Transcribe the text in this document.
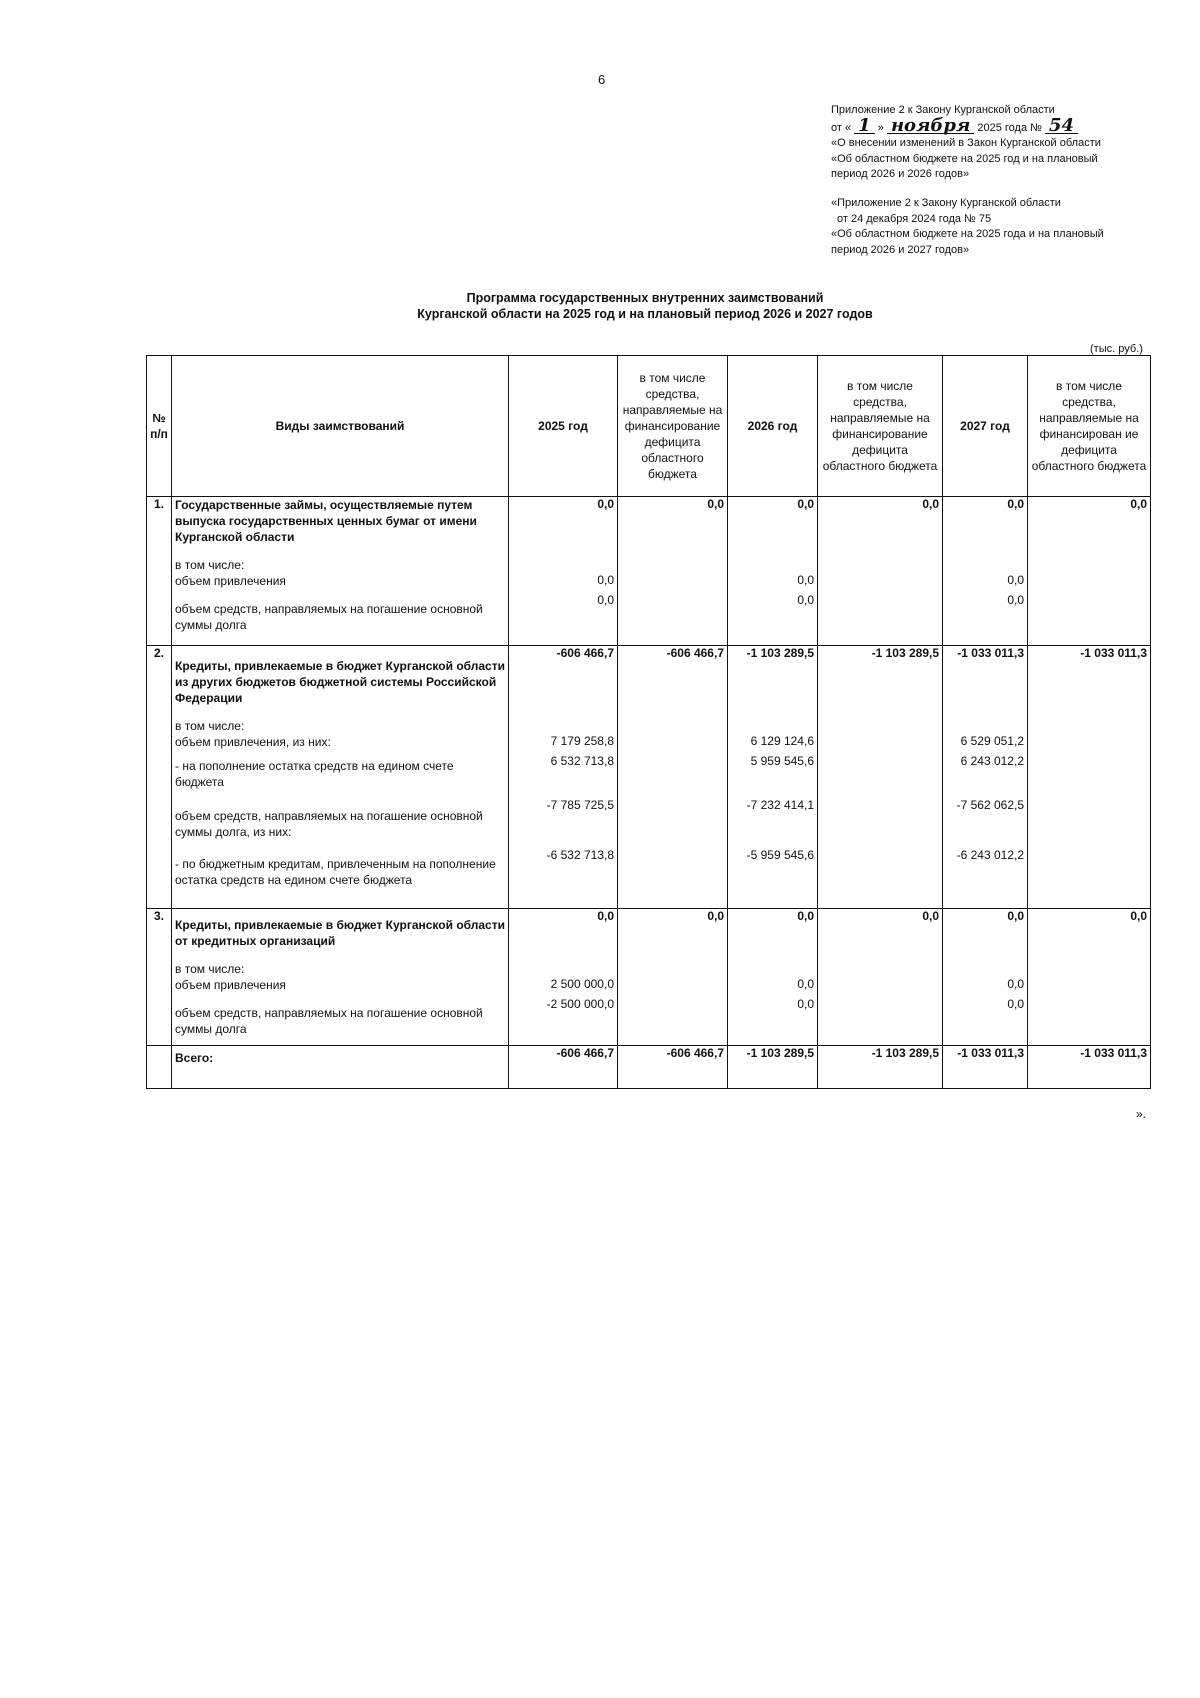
6
Приложение 2 к Закону Курганской области
от « 1 » ноября 2025 года № 54
«О внесении изменений в Закон Курганской области
«Об областном бюджете на 2025 год и на плановый
период 2026 и 2026 годов»
«Приложение 2 к Закону Курганской области
от 24 декабря 2024 года № 75
«Об областном бюджете на 2025 года и на плановый
период 2026 и 2027 годов»
Программа государственных внутренних заимствований
Курганской области на 2025 год и на плановый период 2026 и 2027 годов
(тыс. руб.)
№ п/п	Виды заимствований	2025 год	в том числе средства, направляемые на финансирование дефицита областного бюджета	2026 год	в том числе средства, направляемые на финансирование дефицита областного бюджета	2027 год	в том числе средства, направляемые на финансирован ие дефицита областного бюджета
1.	Государственные займы, осуществляемые путем выпуска государственных ценных бумаг от имени Курганской области	0,0	0,0	0,0	0,0	0,0	0,0
	в том числе:						
	объем привлечения	0,0		0,0		0,0	
	объем средств, направляемых на погашение основной суммы долга	0,0		0,0		0,0	
2.	Кредиты, привлекаемые в бюджет Курганской области из других бюджетов бюджетной системы Российской Федерации	-606 466,7	-606 466,7	-1 103 289,5	-1 103 289,5	-1 033 011,3	-1 033 011,3
	в том числе:						
	объем привлечения, из них:	7 179 258,8		6 129 124,6		6 529 051,2	
	- на пополнение остатка средств на едином счете бюджета	6 532 713,8		5 959 545,6		6 243 012,2	
	объем средств, направляемых на погашение основной суммы долга, из них:	-7 785 725,5		-7 232 414,1		-7 562 062,5	
	- по бюджетным кредитам, привлеченным на пополнение остатка средств на едином счете бюджета	-6 532 713,8		-5 959 545,6		-6 243 012,2	
3.	Кредиты, привлекаемые в бюджет Курганской области от кредитных организаций	0,0	0,0	0,0	0,0	0,0	0,0
	в том числе:						
	объем привлечения	2 500 000,0		0,0		0,0	
	объем средств, направляемых на погашение основной суммы долга	-2 500 000,0		0,0		0,0	
	Всего:	-606 466,7	-606 466,7	-1 103 289,5	-1 103 289,5	-1 033 011,3	-1 033 011,3
».
